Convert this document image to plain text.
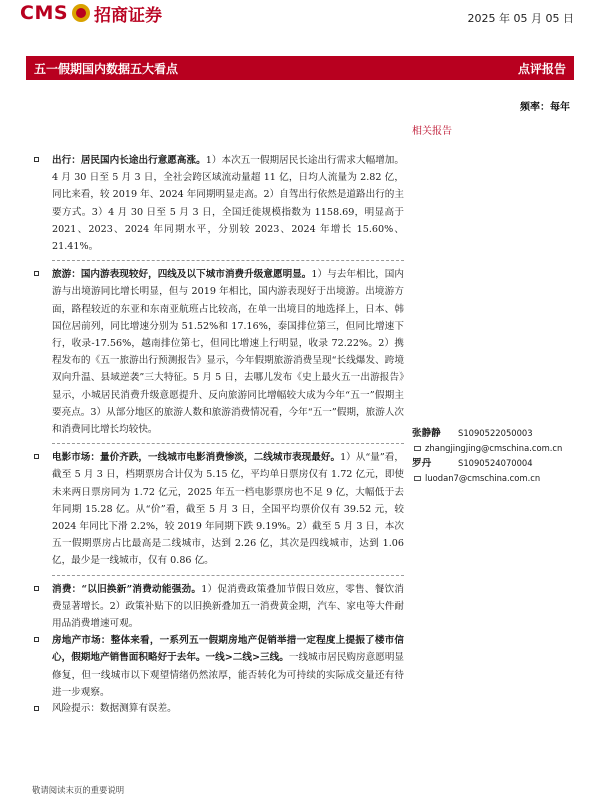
CMS 招商证券	2025 年 05 月 05 日
五一假期国内数据五大看点	点评报告
频率：每年
相关报告

出行：居民国内长途出行意愿高涨。1）本次五一假期居民长途出行需求大幅增加。4 月 30 日至 5 月 3 日，全社会跨区域流动量超 11 亿，日均人流量为 2.82 亿，同比来看，较 2019 年、2024 年同期明显走高。2）自驾出行依然是道路出行的主要方式。3）4 月 30 日至 5 月 3 日，全国迁徙规模指数为 1158.69，明显高于 2021、2023、2024 年同期水平，分别较 2023、2024 年增长 15.60%、21.41%。

旅游：国内游表现较好，四线及以下城市消费升级意愿明显。1）与去年相比，国内游与出境游同比增长明显，但与 2019 年相比，国内游表现好于出境游。出境游方面，路程较近的东亚和东南亚航班占比较高，在单一出境目的地选择上，日本、韩国位居前列，同比增速分别为 51.52%和 17.16%，泰国排位第三，但同比增速下行，收录-17.56%，越南排位第七，但同比增速上行明显，收录 72.22%。2）携程发布的《五一旅游出行预测报告》显示，今年假期旅游消费呈现“长线爆发、跨境双向升温、县域逆袭”三大特征。5 月 5 日，去哪儿发布《史上最火五一出游报告》显示，小城居民消费升级意愿提升、反向旅游同比增幅较大成为今年“五一”假期主要亮点。3）从部分地区的旅游人数和旅游消费情况看，今年“五一”假期，旅游人次和消费同比增长均较快。

电影市场：量价齐跌，一线城市电影消费惨淡，二线城市表现最好。1）从“量”看，截至 5 月 3 日，档期票房合计仅为 5.15 亿，平均单日票房仅有 1.72 亿元，即使未来两日票房同为 1.72 亿元，2025 年五一档电影票房也不足 9 亿，大幅低于去年同期 15.28 亿。从“价”看，截至 5 月 3 日，全国平均票价仅有 39.52 元，较 2024 年同比下滑 2.2%，较 2019 年同期下跌 9.19%。2）截至 5 月 3 日，本次五一假期票房占比最高是二线城市，达到 2.26 亿，其次是四线城市，达到 1.06 亿，最少是一线城市，仅有 0.86 亿。

消费：“以旧换新”消费动能强劲。1）促消费政策叠加节假日效应，零售、餐饮消费显著增长。2）政策补贴下的以旧换新叠加五一消费黄金期，汽车、家电等大件耐用品消费增速可观。

房地产市场：整体来看，一系列五一假期房地产促销举措一定程度上提振了楼市信心，假期地产销售面积略好于去年。一线>二线>三线。一线城市居民购房意愿明显修复，但一线城市以下观望情绪仍然浓厚，能否转化为可持续的实际成交量还有待进一步观察。

风险提示：数据测算有误差。

张静静 S1090522050003
zhangjingjing@cmschina.com.cn
罗丹	S1090524070004
luodan7@cmschina.com.cn
敬请阅读末页的重要说明
